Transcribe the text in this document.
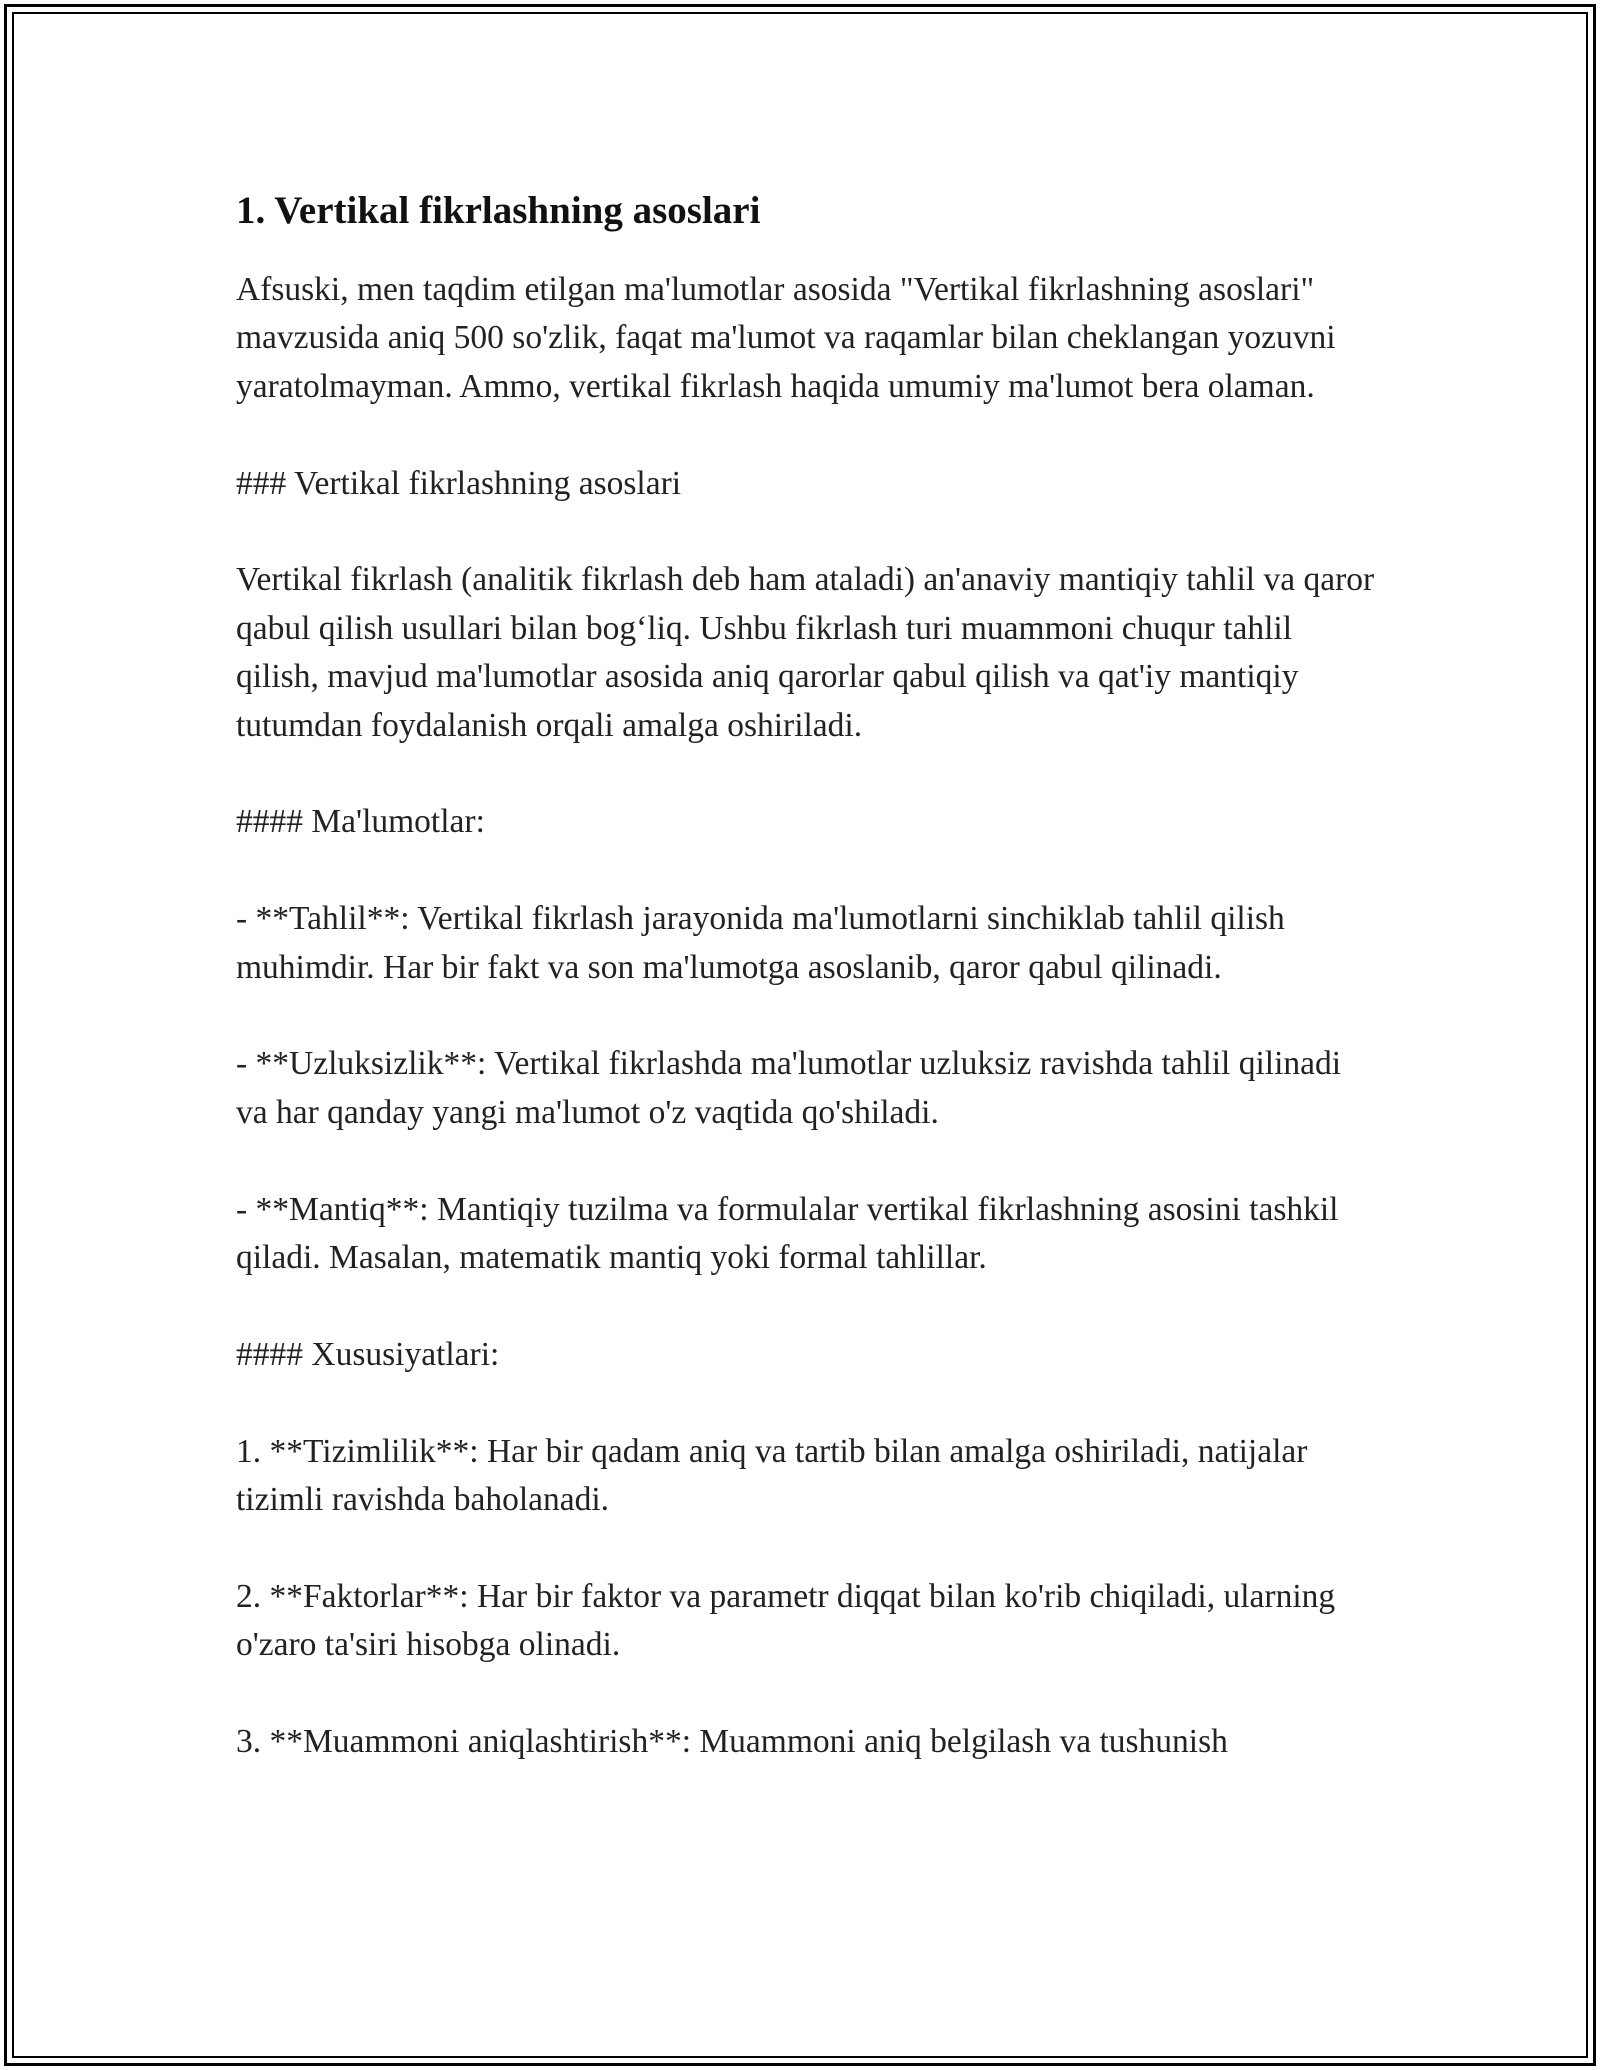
1. Vertikal fikrlashning asoslari

Afsuski, men taqdim etilgan ma'lumotlar asosida "Vertikal fikrlashning asoslari" mavzusida aniq 500 so'zlik, faqat ma'lumot va raqamlar bilan cheklangan yozuvni yaratolmayman. Ammo, vertikal fikrlash haqida umumiy ma'lumot bera olaman.

### Vertikal fikrlashning asoslari

Vertikal fikrlash (analitik fikrlash deb ham ataladi) an'anaviy mantiqiy tahlil va qaror qabul qilish usullari bilan bog‘liq. Ushbu fikrlash turi muammoni chuqur tahlil qilish, mavjud ma'lumotlar asosida aniq qarorlar qabul qilish va qat'iy mantiqiy tutumdan foydalanish orqali amalga oshiriladi.

#### Ma'lumotlar:

- **Tahlil**: Vertikal fikrlash jarayonida ma'lumotlarni sinchiklab tahlil qilish muhimdir. Har bir fakt va son ma'lumotga asoslanib, qaror qabul qilinadi.

- **Uzluksizlik**: Vertikal fikrlashda ma'lumotlar uzluksiz ravishda tahlil qilinadi va har qanday yangi ma'lumot o'z vaqtida qo'shiladi.

- **Mantiq**: Mantiqiy tuzilma va formulalar vertikal fikrlashning asosini tashkil qiladi. Masalan, matematik mantiq yoki formal tahlillar.

#### Xususiyatlari:

1. **Tizimlilik**: Har bir qadam aniq va tartib bilan amalga oshiriladi, natijalar tizimli ravishda baholanadi.

2. **Faktorlar**: Har bir faktor va parametr diqqat bilan ko'rib chiqiladi, ularning o'zaro ta'siri hisobga olinadi.

3. **Muammoni aniqlashtirish**: Muammoni aniq belgilash va tushunish
